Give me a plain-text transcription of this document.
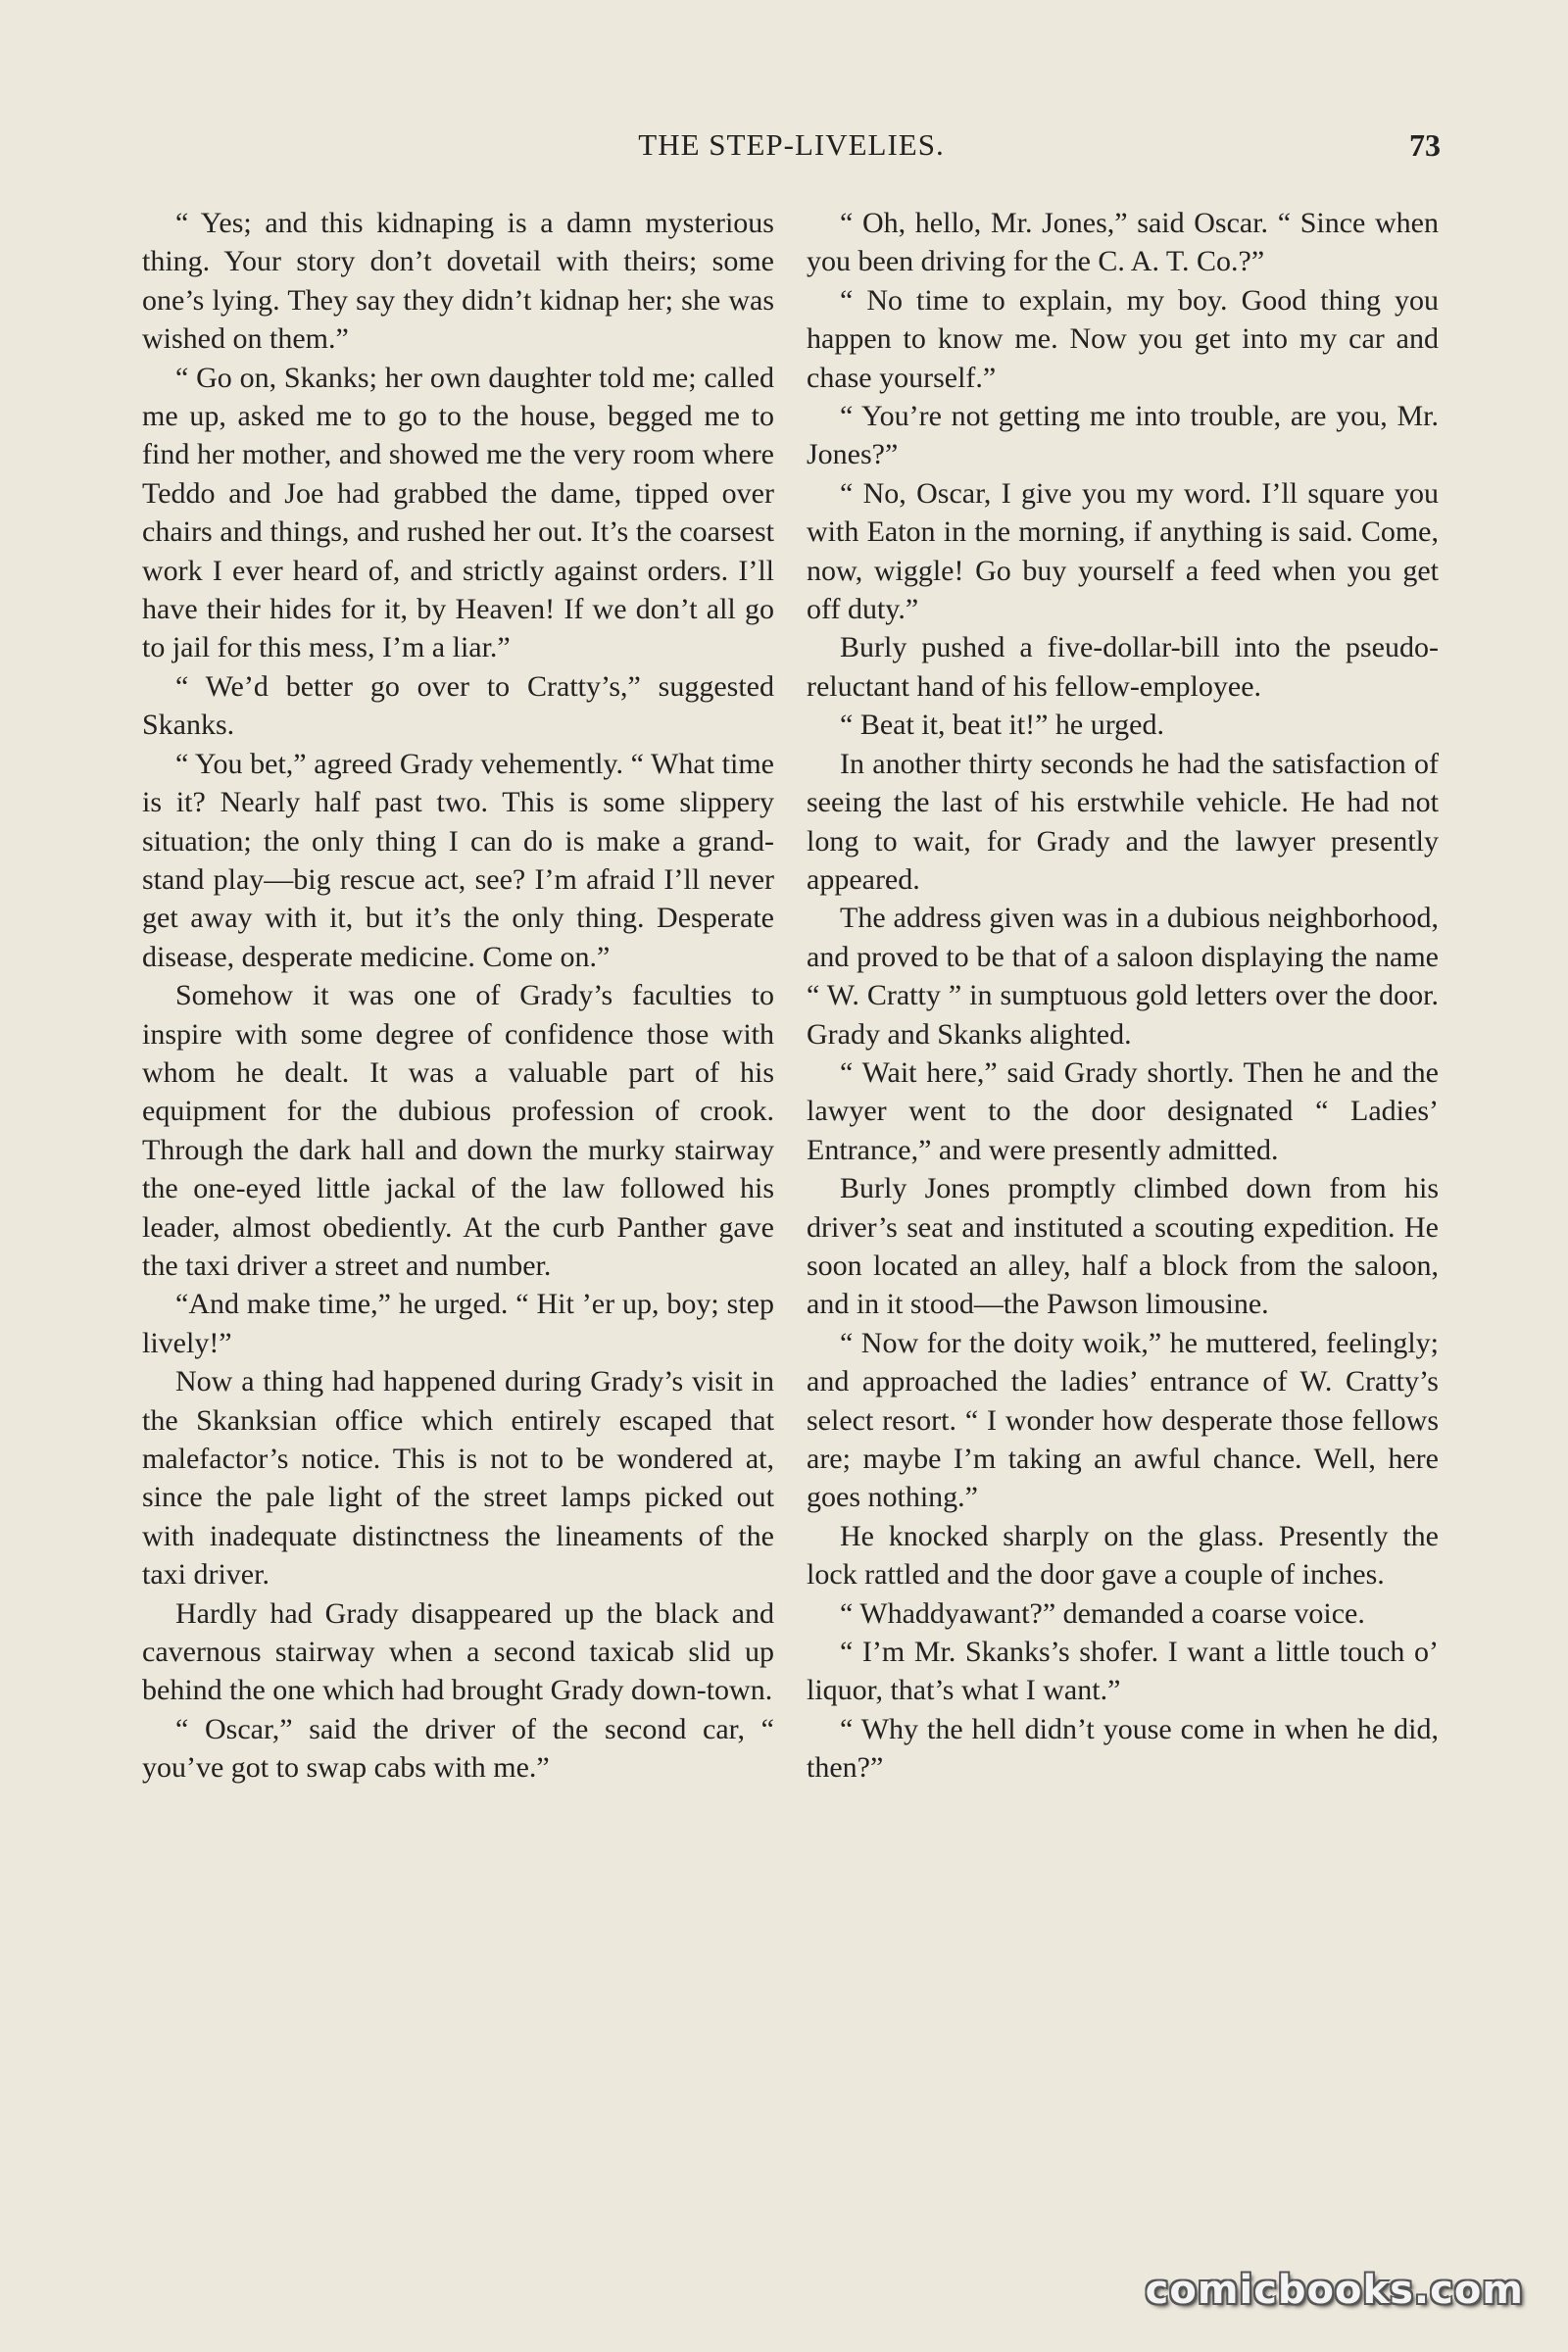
THE STEP-LIVELIES.	73

“ Yes; and this kidnaping is a damn mysterious thing. Your story don’t dovetail with theirs; some one’s lying. They say they didn’t kidnap her; she was wished on them.”

“ Go on, Skanks; her own daughter told me; called me up, asked me to go to the house, begged me to find her mother, and showed me the very room where Teddo and Joe had grabbed the dame, tipped over chairs and things, and rushed her out. It’s the coarsest work I ever heard of, and strictly against orders. I’ll have their hides for it, by Heaven! If we don’t all go to jail for this mess, I’m a liar.”

“ We’d better go over to Cratty’s,” suggested Skanks.

“ You bet,” agreed Grady vehemently. “ What time is it? Nearly half past two. This is some slippery situation; the only thing I can do is make a grand-stand play—big rescue act, see? I’m afraid I’ll never get away with it, but it’s the only thing. Desperate disease, desperate medicine. Come on.”

Somehow it was one of Grady’s faculties to inspire with some degree of confidence those with whom he dealt. It was a valuable part of his equipment for the dubious profession of crook. Through the dark hall and down the murky stairway the one-eyed little jackal of the law followed his leader, almost obediently. At the curb Panther gave the taxi driver a street and number.

“And make time,” he urged. “ Hit ’er up, boy; step lively!”

Now a thing had happened during Grady’s visit in the Skanksian office which entirely escaped that malefactor’s notice. This is not to be wondered at, since the pale light of the street lamps picked out with inadequate distinctness the lineaments of the taxi driver.

Hardly had Grady disappeared up the black and cavernous stairway when a second taxicab slid up behind the one which had brought Grady down-town.

“ Oscar,” said the driver of the second car, “ you’ve got to swap cabs with me.”

“ Oh, hello, Mr. Jones,” said Oscar. “ Since when you been driving for the C. A. T. Co.?”

“ No time to explain, my boy. Good thing you happen to know me. Now you get into my car and chase yourself.”

“ You’re not getting me into trouble, are you, Mr. Jones?”

“ No, Oscar, I give you my word. I’ll square you with Eaton in the morning, if anything is said. Come, now, wiggle! Go buy yourself a feed when you get off duty.”

Burly pushed a five-dollar-bill into the pseudo-reluctant hand of his fellow-employee.

“ Beat it, beat it!” he urged.

In another thirty seconds he had the satisfaction of seeing the last of his erstwhile vehicle. He had not long to wait, for Grady and the lawyer presently appeared.

The address given was in a dubious neighborhood, and proved to be that of a saloon displaying the name “ W. Cratty ” in sumptuous gold letters over the door. Grady and Skanks alighted.

“ Wait here,” said Grady shortly. Then he and the lawyer went to the door designated “ Ladies’ Entrance,” and were presently admitted.

Burly Jones promptly climbed down from his driver’s seat and instituted a scouting expedition. He soon located an alley, half a block from the saloon, and in it stood—the Pawson limousine.

“ Now for the doity woik,” he muttered, feelingly; and approached the ladies’ entrance of W. Cratty’s select resort. “ I wonder how desperate those fellows are; maybe I’m taking an awful chance. Well, here goes nothing.”

He knocked sharply on the glass. Presently the lock rattled and the door gave a couple of inches.

“ Whaddyawant?” demanded a coarse voice.

“ I’m Mr. Skanks’s shofer. I want a little touch o’ liquor, that’s what I want.”

“ Why the hell didn’t youse come in when he did, then?”

comicbooks.com
